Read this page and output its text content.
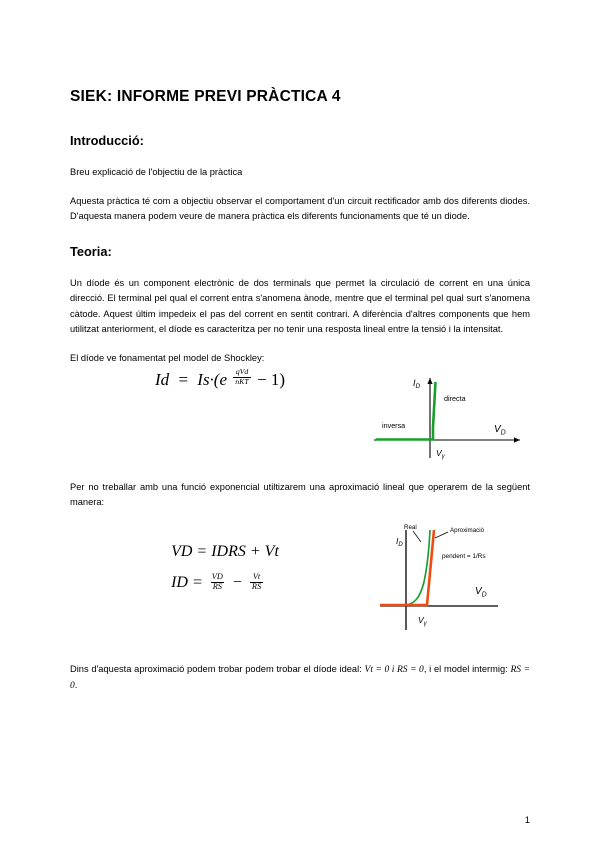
SIEK: INFORME PREVI PRÀCTICA 4
Introducció:

Breu explicació de l'objectiu de la pràctica

Aquesta pràctica té com a objectiu observar el comportament d'un circuit rectificador amb dos diferents diodes. D'aquesta manera podem veure de manera pràctica els diferents funcionaments que té un diode.

Teoria:

Un díode és un component electrònic de dos terminals que permet la circulació de corrent en una única direcció. El terminal pel qual el corrent entra s'anomena ànode, mentre que el terminal pel qual surt s'anomena càtode. Aquest últim impedeix el pas del corrent en sentit contrari. A diferència d'altres components que hem utilitzat anteriorment, el díode es caracteritza per no tenir una resposta lineal entre la tensió i la intensitat.

El díode ve fonamentat pel model de Shockley:

$Id = Is\cdot(e \frac{\text{qVd}}{\text{nKT}} - 1)$	$I_D$
$V_D$
directa
inversa
$V_\gamma$

Per no treballar amb una funció exponencial utiltizarem una aproximació lineal que operarem de la següent manera:

VD = IDRS + Vt
ID = $\frac{VD}{RS} - \frac{Vt}{RS}$
$I_D$
$V_D$
Real	Aproximació
pendent = 1/Rs
$V_\gamma$

Dins d'aquesta aproximació podem trobar podem trobar el díode ideal: Vt = 0 i RS = 0, i el model intermig: RS = 0.

1
